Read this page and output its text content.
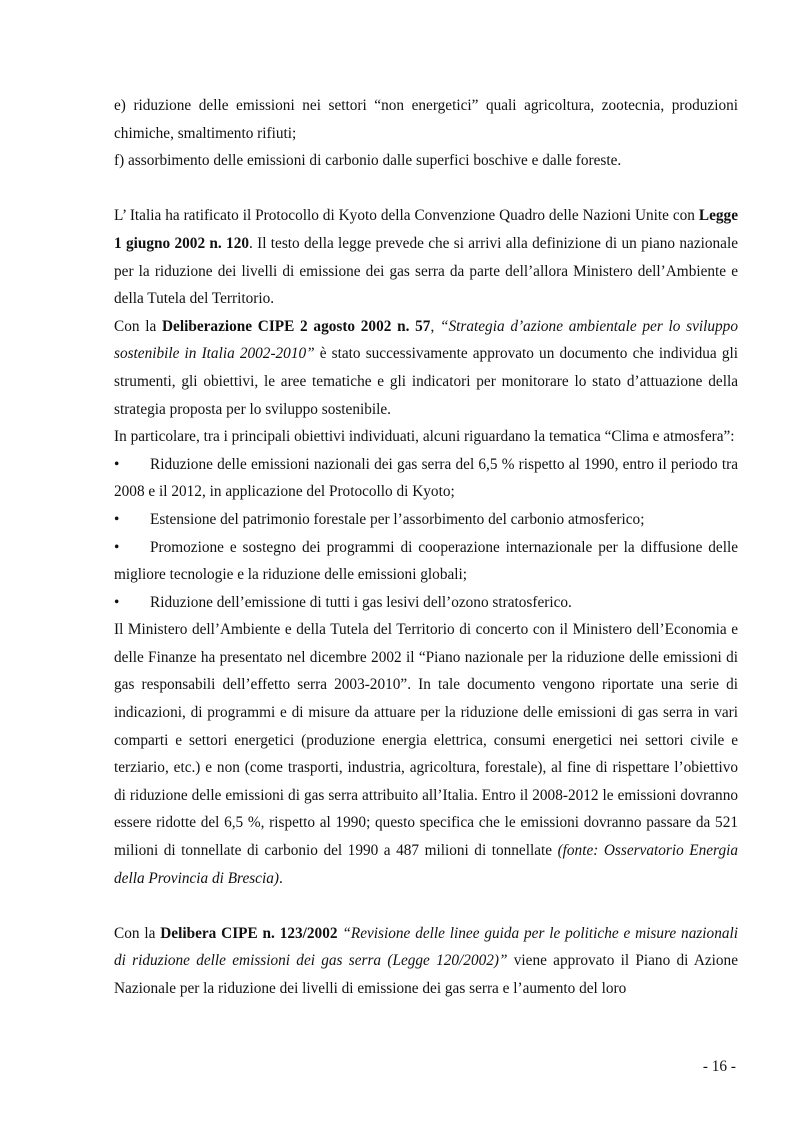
e) riduzione delle emissioni nei settori “non energetici” quali agricoltura, zootecnia, produzioni chimiche, smaltimento rifiuti;

f) assorbimento delle emissioni di carbonio dalle superfici boschive e dalle foreste.

L’ Italia ha ratificato il Protocollo di Kyoto della Convenzione Quadro delle Nazioni Unite con Legge 1 giugno 2002 n. 120. Il testo della legge prevede che si arrivi alla definizione di un piano nazionale per la riduzione dei livelli di emissione dei gas serra da parte dell’allora Ministero dell’Ambiente e della Tutela del Territorio.

Con la Deliberazione CIPE 2 agosto 2002 n. 57, “Strategia d’azione ambientale per lo sviluppo sostenibile in Italia 2002-2010” è stato successivamente approvato un documento che individua gli strumenti, gli obiettivi, le aree tematiche e gli indicatori per monitorare lo stato d’attuazione della strategia proposta per lo sviluppo sostenibile.

In particolare, tra i principali obiettivi individuati, alcuni riguardano la tematica “Clima e atmosfera”:

• Riduzione delle emissioni nazionali dei gas serra del 6,5 % rispetto al 1990, entro il periodo tra 2008 e il 2012, in applicazione del Protocollo di Kyoto;

• Estensione del patrimonio forestale per l’assorbimento del carbonio atmosferico;

• Promozione e sostegno dei programmi di cooperazione internazionale per la diffusione delle migliore tecnologie e la riduzione delle emissioni globali;

• Riduzione dell’emissione di tutti i gas lesivi dell’ozono stratosferico.

Il Ministero dell’Ambiente e della Tutela del Territorio di concerto con il Ministero dell’Economia e delle Finanze ha presentato nel dicembre 2002 il “Piano nazionale per la riduzione delle emissioni di gas responsabili dell’effetto serra 2003-2010”. In tale documento vengono riportate una serie di indicazioni, di programmi e di misure da attuare per la riduzione delle emissioni di gas serra in vari comparti e settori energetici (produzione energia elettrica, consumi energetici nei settori civile e terziario, etc.) e non (come trasporti, industria, agricoltura, forestale), al fine di rispettare l’obiettivo di riduzione delle emissioni di gas serra attribuito all’Italia. Entro il 2008-2012 le emissioni dovranno essere ridotte del 6,5 %, rispetto al 1990; questo specifica che le emissioni dovranno passare da 521 milioni di tonnellate di carbonio del 1990 a 487 milioni di tonnellate (fonte: Osservatorio Energia della Provincia di Brescia).

Con la Delibera CIPE n. 123/2002 “Revisione delle linee guida per le politiche e misure nazionali di riduzione delle emissioni dei gas serra (Legge 120/2002)” viene approvato il Piano di Azione Nazionale per la riduzione dei livelli di emissione dei gas serra e l’aumento del loro

- 16 -
